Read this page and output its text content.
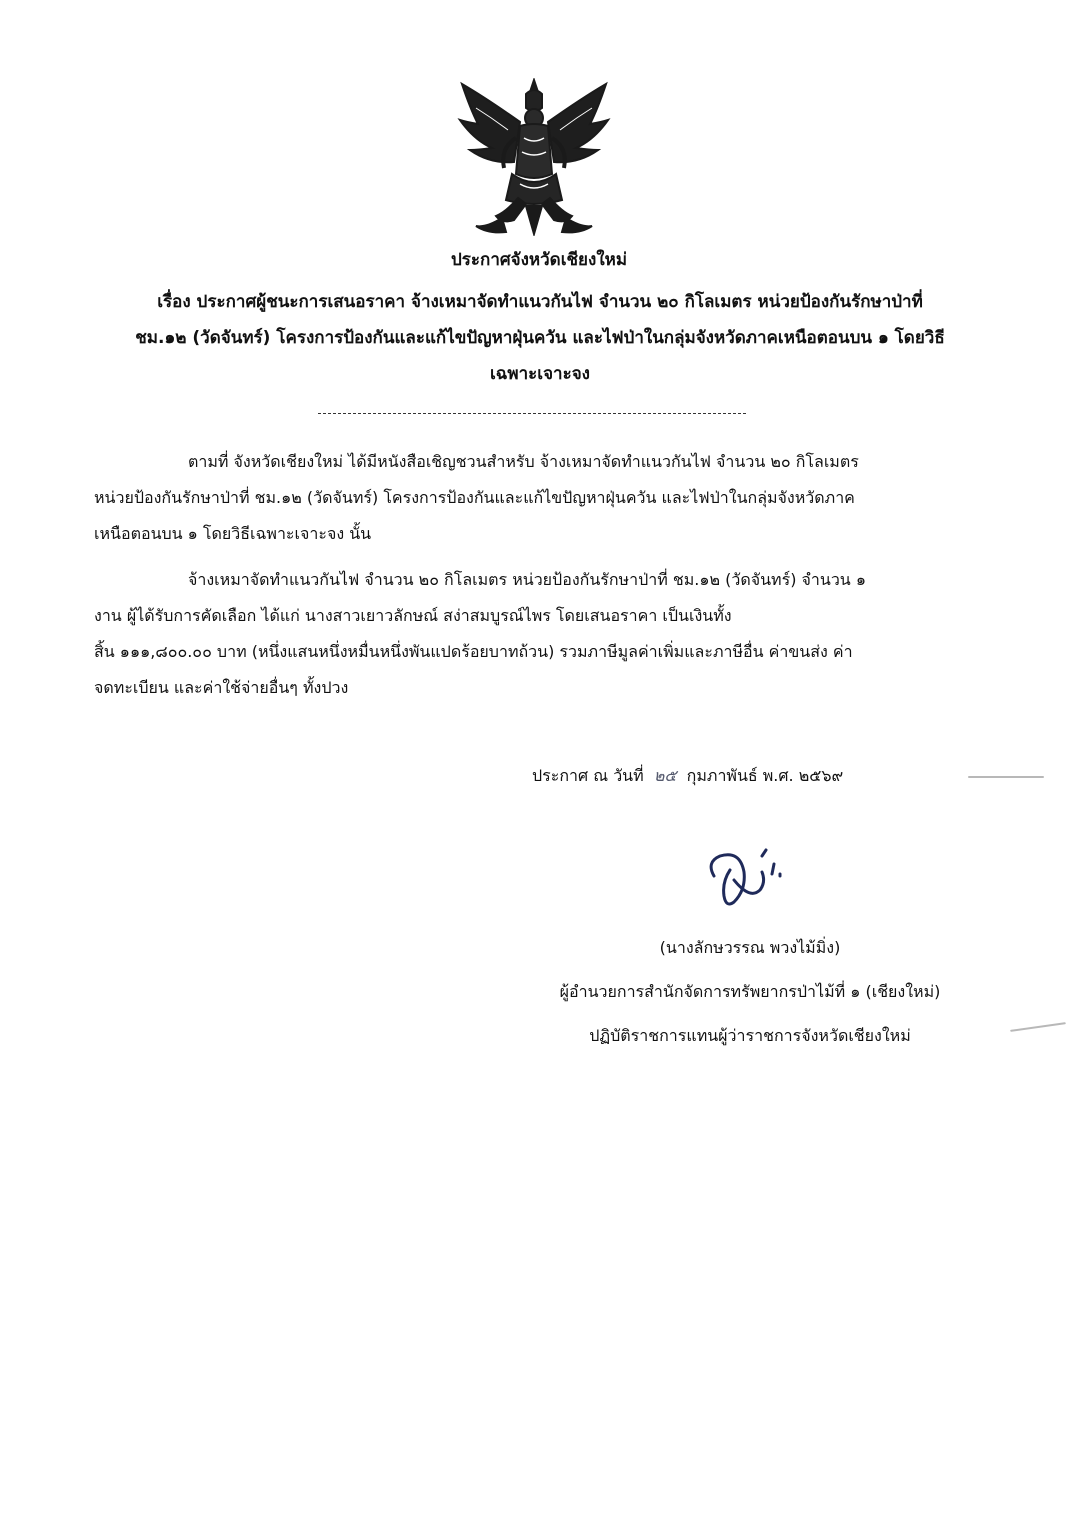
ประกาศจังหวัดเชียงใหม่
เรื่อง ประกาศผู้ชนะการเสนอราคา จ้างเหมาจัดทำแนวกันไฟ จำนวน ๒๐ กิโลเมตร หน่วยป้องกันรักษาป่าที่
ชม.๑๒ (วัดจันทร์) โครงการป้องกันและแก้ไขปัญหาฝุ่นควัน และไฟป่าในกลุ่มจังหวัดภาคเหนือตอนบน ๑ โดยวิธี
เฉพาะเจาะจง
ตามที่ จังหวัดเชียงใหม่ ได้มีหนังสือเชิญชวนสำหรับ จ้างเหมาจัดทำแนวกันไฟ จำนวน ๒๐ กิโลเมตร
หน่วยป้องกันรักษาป่าที่ ชม.๑๒ (วัดจันทร์) โครงการป้องกันและแก้ไขปัญหาฝุ่นควัน และไฟป่าในกลุ่มจังหวัดภาค
เหนือตอนบน ๑ โดยวิธีเฉพาะเจาะจง นั้น
จ้างเหมาจัดทำแนวกันไฟ จำนวน ๒๐ กิโลเมตร หน่วยป้องกันรักษาป่าที่ ชม.๑๒ (วัดจันทร์) จำนวน ๑
งาน ผู้ได้รับการคัดเลือก ได้แก่ นางสาวเยาวลักษณ์ สง่าสมบูรณ์ไพร โดยเสนอราคา เป็นเงินทั้ง
สิ้น ๑๑๑,๘๐๐.๐๐ บาท (หนึ่งแสนหนึ่งหมื่นหนึ่งพันแปดร้อยบาทถ้วน) รวมภาษีมูลค่าเพิ่มและภาษีอื่น ค่าขนส่ง ค่า
จดทะเบียน และค่าใช้จ่ายอื่นๆ ทั้งปวง
ประกาศ ณ วันที่ ๒๕ กุมภาพันธ์ พ.ศ. ๒๕๖๙
(นางลักษวรรณ พวงไม้มิ่ง)
ผู้อำนวยการสำนักจัดการทรัพยากรป่าไม้ที่ ๑ (เชียงใหม่)
ปฏิบัติราชการแทนผู้ว่าราชการจังหวัดเชียงใหม่
